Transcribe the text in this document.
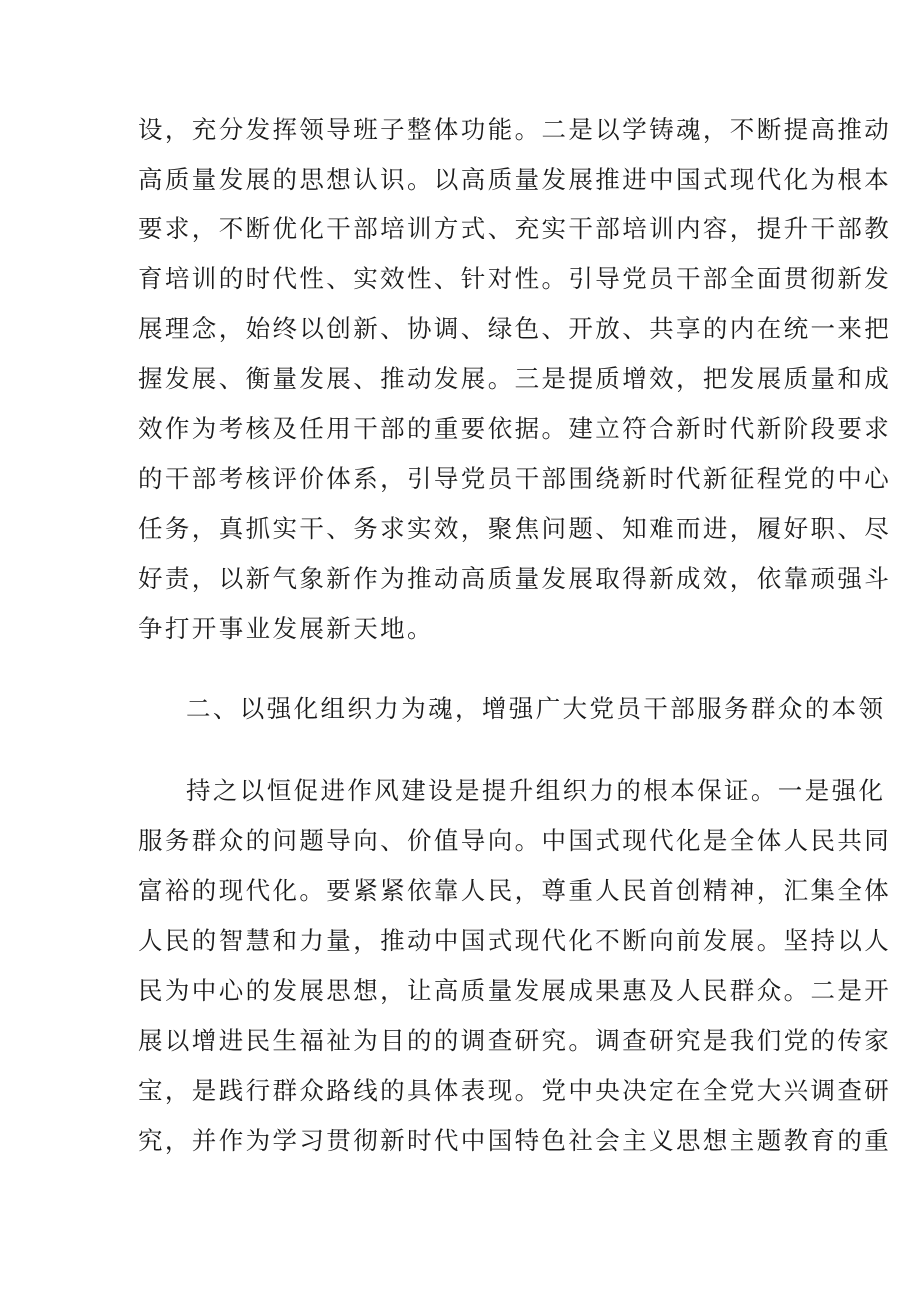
设，充分发挥领导班子整体功能。二是以学铸魂，不断提高推动
高质量发展的思想认识。以高质量发展推进中国式现代化为根本
要求，不断优化干部培训方式、充实干部培训内容，提升干部教
育培训的时代性、实效性、针对性。引导党员干部全面贯彻新发
展理念，始终以创新、协调、绿色、开放、共享的内在统一来把
握发展、衡量发展、推动发展。三是提质增效，把发展质量和成
效作为考核及任用干部的重要依据。建立符合新时代新阶段要求
的干部考核评价体系，引导党员干部围绕新时代新征程党的中心
任务，真抓实干、务求实效，聚焦问题、知难而进，履好职、尽
好责，以新气象新作为推动高质量发展取得新成效，依靠顽强斗
争打开事业发展新天地。
二、以强化组织力为魂，增强广大党员干部服务群众的本领
持之以恒促进作风建设是提升组织力的根本保证。一是强化
服务群众的问题导向、价值导向。中国式现代化是全体人民共同
富裕的现代化。要紧紧依靠人民，尊重人民首创精神，汇集全体
人民的智慧和力量，推动中国式现代化不断向前发展。坚持以人
民为中心的发展思想，让高质量发展成果惠及人民群众。二是开
展以增进民生福祉为目的的调查研究。调查研究是我们党的传家
宝，是践行群众路线的具体表现。党中央决定在全党大兴调查研
究，并作为学习贯彻新时代中国特色社会主义思想主题教育的重
